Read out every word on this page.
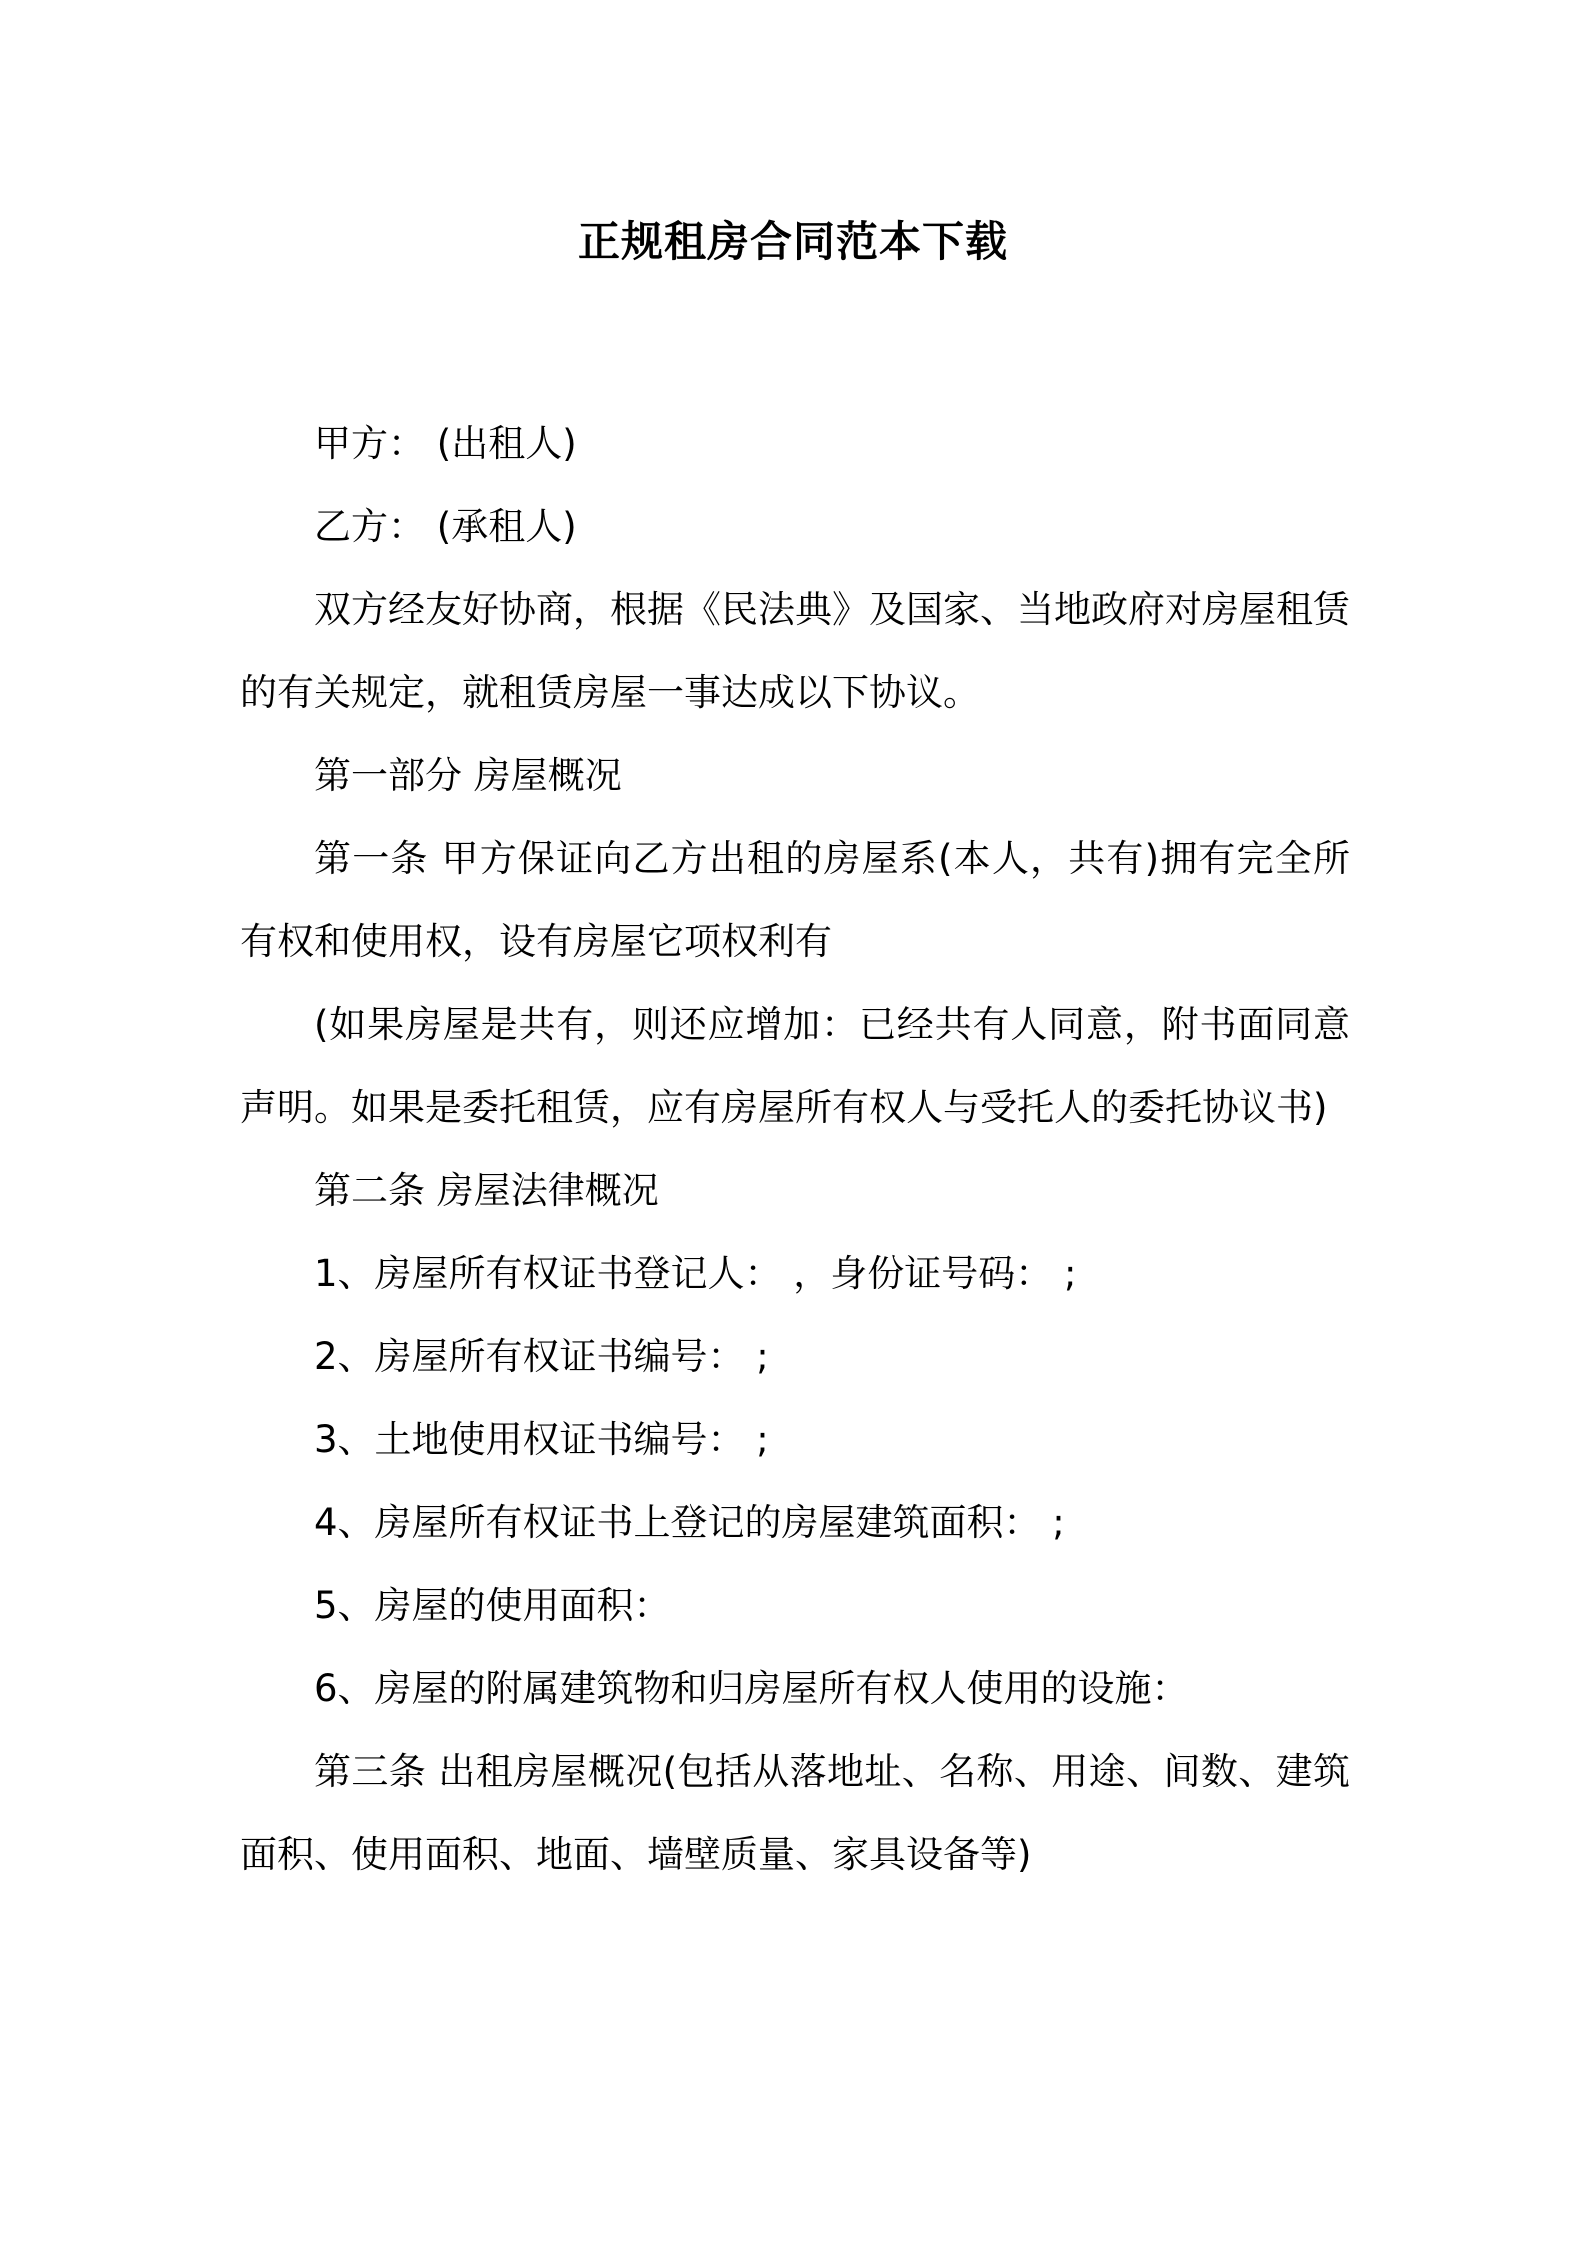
正规租房合同范本下载

甲方： (出租人)

乙方： (承租人)

双方经友好协商，根据《民法典》及国家、当地政府对房屋租赁的有关规定，就租赁房屋一事达成以下协议。

第一部分 房屋概况

第一条 甲方保证向乙方出租的房屋系(本人，共有)拥有完全所有权和使用权，设有房屋它项权利有

(如果房屋是共有，则还应增加：已经共有人同意，附书面同意声明。如果是委托租赁，应有房屋所有权人与受托人的委托协议书)

第二条 房屋法律概况

1、房屋所有权证书登记人： ，身份证号码： ;

2、房屋所有权证书编号： ;

3、土地使用权证书编号： ;

4、房屋所有权证书上登记的房屋建筑面积： ;

5、房屋的使用面积：

6、房屋的附属建筑物和归房屋所有权人使用的设施：

第三条 出租房屋概况(包括从落地址、名称、用途、间数、建筑面积、使用面积、地面、墙壁质量、家具设备等)
